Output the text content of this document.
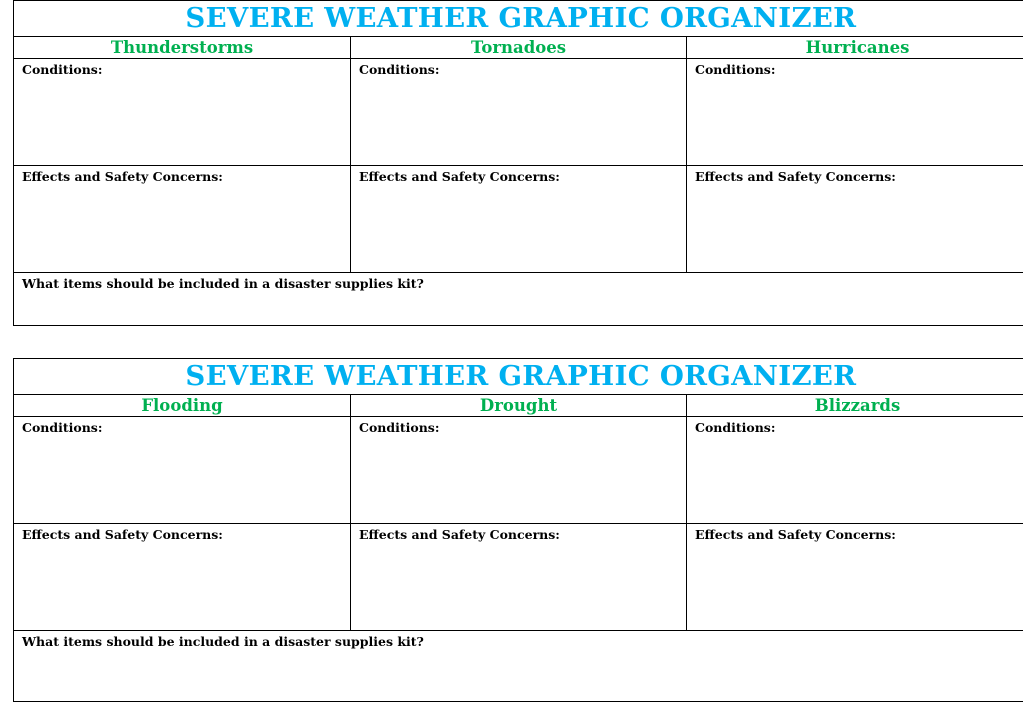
SEVERE WEATHER GRAPHIC ORGANIZER		
Thunderstorms	Tornadoes	Hurricanes

Conditions:	Conditions:	Conditions:

Effects and Safety Concerns:	Effects and Safety Concerns:	Effects and Safety Concerns:

What items should be included in a disaster supplies kit?		
SEVERE WEATHER GRAPHIC ORGANIZER		
Flooding	Drought	Blizzards

Conditions:	Conditions:	Conditions:

Effects and Safety Concerns:	Effects and Safety Concerns:	Effects and Safety Concerns:

What items should be included in a disaster supplies kit?		
